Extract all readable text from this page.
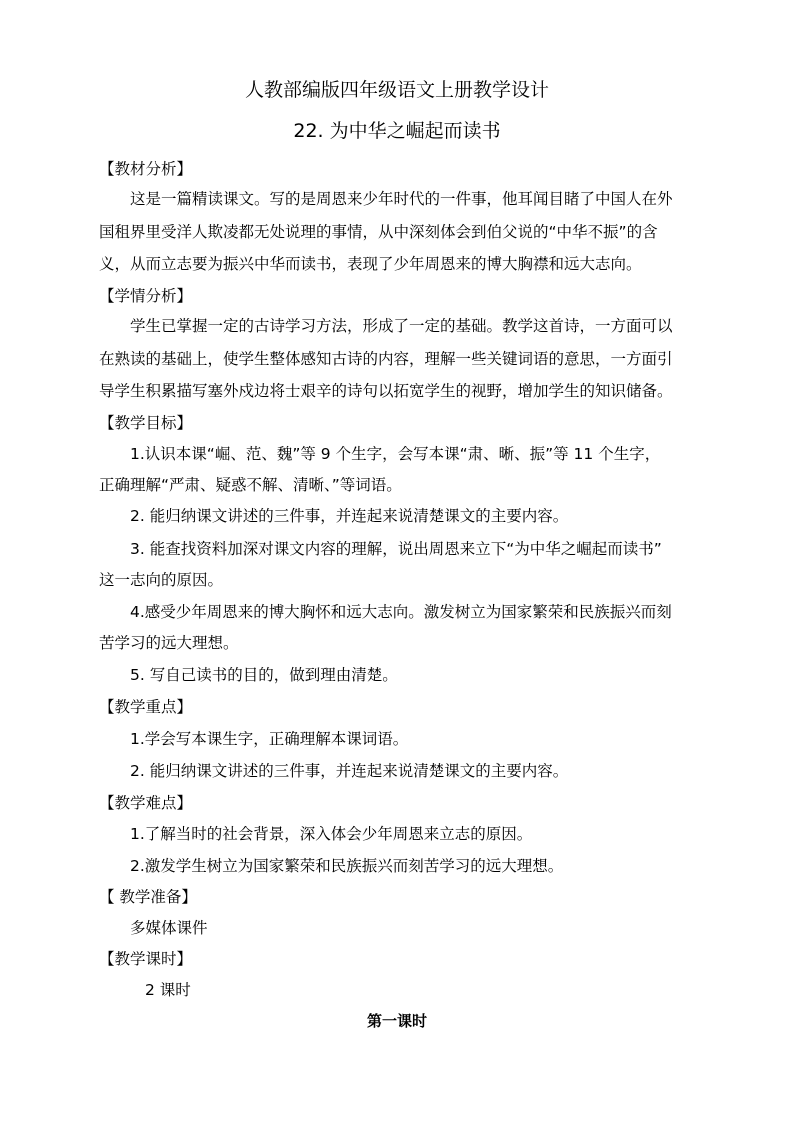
人教部编版四年级语文上册教学设计
22. 为中华之崛起而读书
【教材分析】
这是一篇精读课文。写的是周恩来少年时代的一件事，他耳闻目睹了中国人在外
国租界里受洋人欺凌都无处说理的事情，从中深刻体会到伯父说的“中华不振”的含
义，从而立志要为振兴中华而读书，表现了少年周恩来的博大胸襟和远大志向。
【学情分析】
学生已掌握一定的古诗学习方法，形成了一定的基础。教学这首诗，一方面可以
在熟读的基础上，使学生整体感知古诗的内容，理解一些关键词语的意思，一方面引
导学生积累描写塞外戍边将士艰辛的诗句以拓宽学生的视野，增加学生的知识储备。
【教学目标】
1.认识本课“崛、范、魏”等 9 个生字，会写本课“肃、晰、振”等 11 个生字，
正确理解“严肃、疑惑不解、清晰、”等词语。
2. 能归纳课文讲述的三件事，并连起来说清楚课文的主要内容。
3. 能查找资料加深对课文内容的理解，说出周恩来立下“为中华之崛起而读书”
这一志向的原因。
4.感受少年周恩来的博大胸怀和远大志向。激发树立为国家繁荣和民族振兴而刻
苦学习的远大理想。
5. 写自己读书的目的，做到理由清楚。
【教学重点】
1.学会写本课生字，正确理解本课词语。
2. 能归纳课文讲述的三件事，并连起来说清楚课文的主要内容。
【教学难点】
1.了解当时的社会背景，深入体会少年周恩来立志的原因。
2.激发学生树立为国家繁荣和民族振兴而刻苦学习的远大理想。
【 教学准备】
多媒体课件
【教学课时】
2 课时
第一课时
